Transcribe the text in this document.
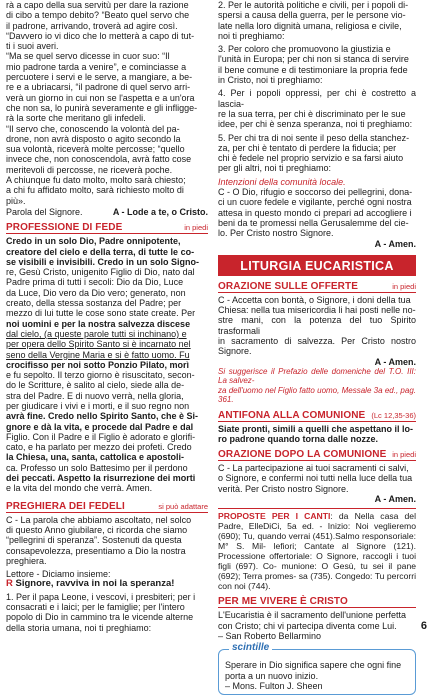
rà a capo della sua servitù per dare la razione
di cibo a tempo debito? “Beato quel servo che
il padrone, arrivando, troverà ad agire così.
“Davvero io vi dico che lo metterà a capo di tut-
ti i suoi averi.
“Ma se quel servo dicesse in cuor suo: “Il
mio padrone tarda a venire”, e cominciasse a
percuotere i servi e le serve, a mangiare, a be-
re e a ubriacarsi, “il padrone di quel servo arri-
verà un giorno in cui non se l'aspetta e a un'ora
che non sa, lo punirà severamente e gli infligge-
rà la sorte che meritano gli infedeli.
“Il servo che, conoscendo la volontà del pa-
drone, non avrà disposto o agito secondo la
sua volontà, riceverà molte percosse; “quello
invece che, non conoscendola, avrà fatto cose
meritevoli di percosse, ne riceverà poche.
A chiunque fu dato molto, molto sarà chiesto;
a chi fu affidato molto, sarà richiesto molto di
più».
Parola del Signore.	A - Lode a te, o Cristo.
PROFESSIONE DI FEDE	in piedi
Credo in un solo Dio, Padre onnipotente,
creatore del cielo e della terra, di tutte le co-
se visibili e invisibili. Credo in un solo Signo-
re, Gesù Cristo, unigenito Figlio di Dio, nato dal
Padre prima di tutti i secoli: Dio da Dio, Luce
da Luce, Dio vero da Dio vero; generato, non
creato, della stessa sostanza del Padre; per
mezzo di lui tutte le cose sono state create. Per
noi uomini e per la nostra salvezza discese
dal cielo, (a queste parole tutti si inchinano) e
per opera dello Spirito Santo si è incarnato nel
seno della Vergine Maria e si è fatto uomo. Fu
crocifisso per noi sotto Ponzio Pilato, morì
e fu sepolto. Il terzo giorno è risuscitato, secon-
do le Scritture, è salito al cielo, siede alla de-
stra del Padre. E di nuovo verrà, nella gloria,
per giudicare i vivi e i morti, e il suo regno non
avrà fine. Credo nello Spirito Santo, che è Si-
gnore e dà la vita, e procede dal Padre e dal
Figlio. Con il Padre e il Figlio è adorato e glorifi-
cato, e ha parlato per mezzo dei profeti. Credo
la Chiesa, una, santa, cattolica e apostoli-
ca. Professo un solo Battesimo per il perdono
dei peccati. Aspetto la risurrezione dei morti
e la vita del mondo che verrà. Amen.
PREGHIERA DEI FEDELI	si può adattare
C - La parola che abbiamo ascoltato, nel solco
di questo Anno giubilare, ci ricorda che siamo
“pellegrini di speranza”. Sostenuti da questa
consapevolezza, presentiamo a Dio la nostra
preghiera.

Lettore - Diciamo insieme:

R Signore, ravviva in noi la speranza!

1. Per il papa Leone, i vescovi, i presbiteri; per i
consacrati e i laici; per le famiglie; per l'intero
popolo di Dio in cammino tra le vicende alterne
della storia umana, noi ti preghiamo:
2. Per le autorità politiche e civili, per i popoli di-
spersi a causa della guerra, per le persone vio-
late nella loro dignità umana, religiosa e civile,
noi ti preghiamo:
3. Per coloro che promuovono la giustizia e
l'unità in Europa; per chi non si stanca di servire
il bene comune e di testimoniare la propria fede
in Cristo, noi ti preghiamo:
4. Per i popoli oppressi, per chi è costretto a lascia-
re la sua terra, per chi è discriminato per le sue
idee, per chi è senza speranza, noi ti preghiamo:
5. Per chi tra di noi sente il peso della stanchez-
za, per chi è tentato di perdere la fiducia; per
chi è fedele nel proprio servizio e sa farsi aiuto
per gli altri, noi ti preghiamo:

Intenzioni della comunità locale.

C - O Dio, rifugio e soccorso dei pellegrini, dona-
ci un cuore fedele e vigilante, perché ogni nostra
attesa in questo mondo ci prepari ad accogliere i
beni da te promessi nella Gerusalemme del cie-
lo. Per Cristo nostro Signore.

A - Amen.

LITURGIA EUCARISTICA
ORAZIONE SULLE OFFERTE	in piedi
C - Accetta con bontà, o Signore, i doni della tua
Chiesa: nella tua misericordia li hai posti nelle no-
stre mani, con la potenza del tuo Spirito trasformali
in sacramento di salvezza. Per Cristo nostro Signore.

A - Amen.

Si suggerisce il Prefazio delle domeniche del T.O. III: La salvez-
za dell'uomo nel Figlio fatto uomo, Messale 3a ed., pag. 361.
ANTIFONA ALLA COMUNIONE (Lc 12,35-36)
Siate pronti, simili a quelli che aspettano il lo-
ro padrone quando torna dalle nozze.
ORAZIONE DOPO LA COMUNIONE in piedi
C - La partecipazione ai tuoi sacramenti ci salvi,
o Signore, e confermi noi tutti nella luce della tua
verità. Per Cristo nostro Signore.

A - Amen.

PROPOSTE PER I CANTI: da Nella casa del Padre, ElleDiCi, 5a ed. - Inizio: Noi veglieremo (690); Tu, quando verrai (451).Salmo responsoriale: M° S. Mil- lefiori; Cantate al Signore (121). Processione offertoriale: O Signore, raccogli i tuoi figli (697). Co- munione: O Gesù, tu sei il pane (692); Terra promes- sa (735). Congedo: Tu percorri con noi (744).
PER ME VIVERE È CRISTO
L'Eucaristia è il sacramento dell'unione perfetta
con Cristo; chi vi partecipa diventa come Lui.

– San Roberto Bellarmino

scintille
Sperare in Dio significa sapere che ogni fine
porta a un nuovo inizio.

– Mons. Fulton J. Sheen

6
